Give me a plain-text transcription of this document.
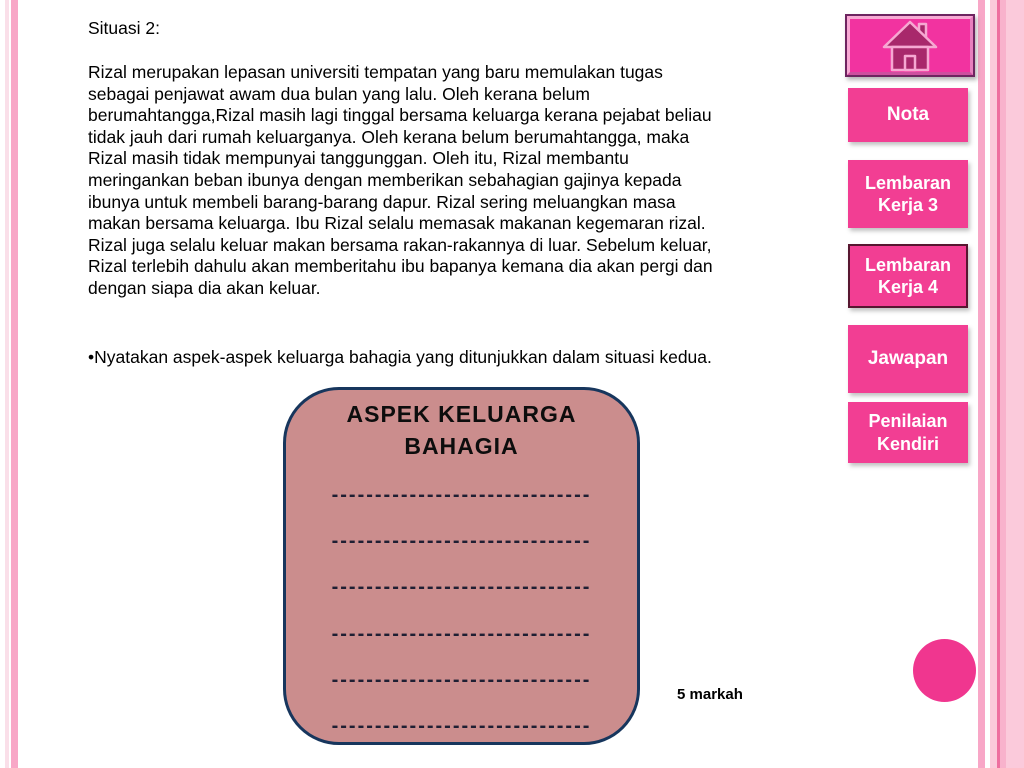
Situasi 2:
Rizal merupakan lepasan universiti tempatan yang baru memulakan tugas
sebagai penjawat awam dua bulan yang lalu. Oleh kerana belum
berumahtangga,Rizal masih lagi tinggal bersama keluarga kerana pejabat beliau
tidak jauh dari rumah keluarganya. Oleh kerana belum berumahtangga, maka
Rizal masih tidak mempunyai tanggunggan. Oleh itu, Rizal membantu
meringankan beban ibunya dengan memberikan sebahagian gajinya kepada
ibunya untuk membeli barang-barang dapur. Rizal sering meluangkan masa
makan bersama keluarga. Ibu Rizal selalu memasak makanan kegemaran rizal.
Rizal juga selalu keluar makan bersama rakan-rakannya di luar. Sebelum keluar,
Rizal terlebih dahulu akan memberitahu ibu bapanya kemana dia akan pergi dan
dengan siapa dia akan keluar.
•Nyatakan aspek-aspek keluarga bahagia yang ditunjukkan dalam situasi kedua.
ASPEK KELUARGA BAHAGIA
------------------------------
------------------------------
------------------------------
------------------------------
------------------------------
------------------------------
5 markah
Nota
Lembaran Kerja 3
Lembaran Kerja 4
Jawapan
Penilaian Kendiri
